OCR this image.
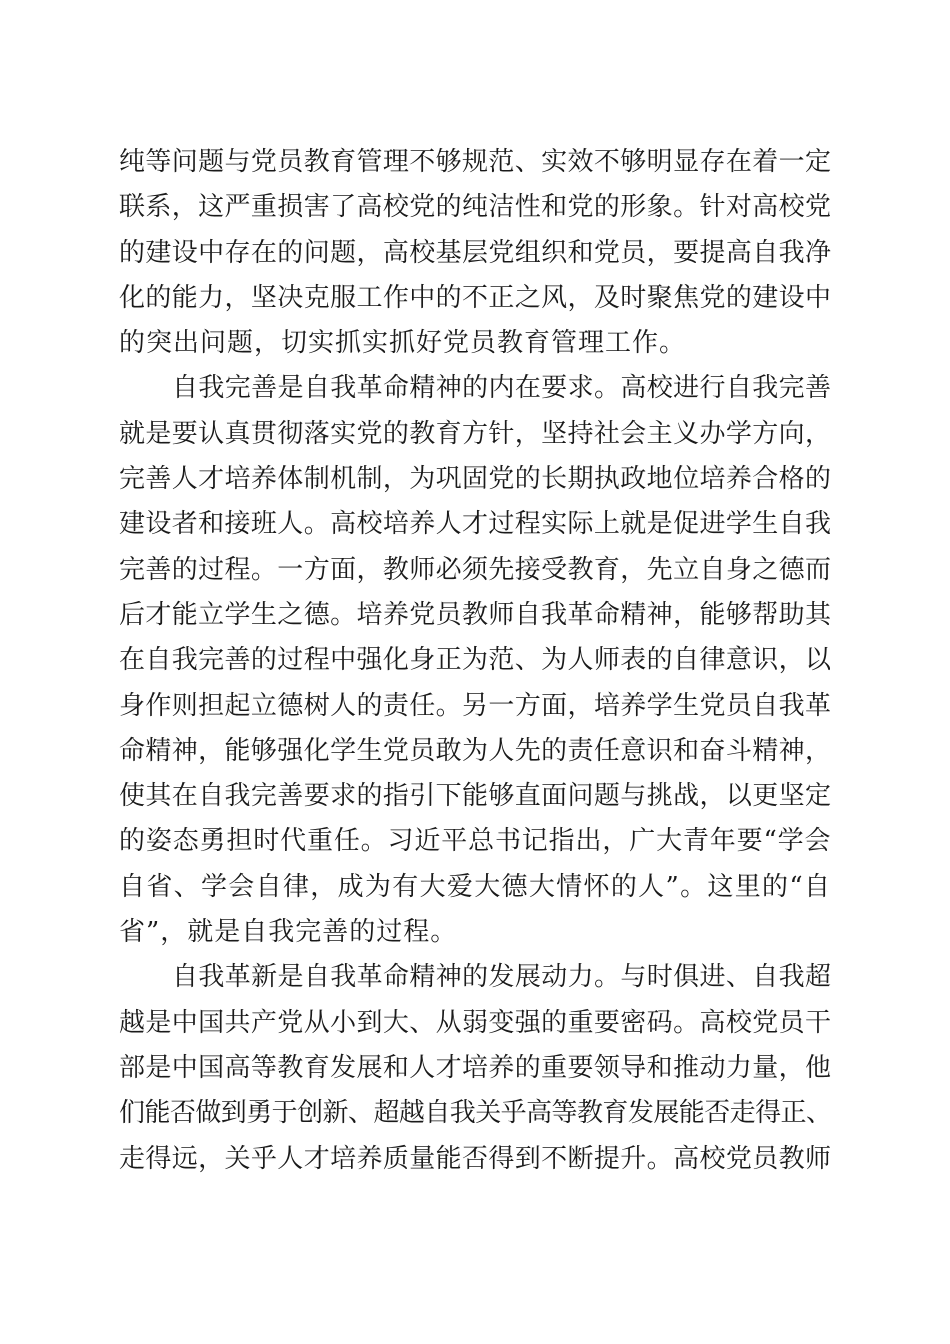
纯等问题与党员教育管理不够规范、实效不够明显存在着一定
联系，这严重损害了高校党的纯洁性和党的形象。针对高校党
的建设中存在的问题，高校基层党组织和党员，要提高自我净
化的能力，坚决克服工作中的不正之风，及时聚焦党的建设中
的突出问题，切实抓实抓好党员教育管理工作。
自我完善是自我革命精神的内在要求。高校进行自我完善
就是要认真贯彻落实党的教育方针，坚持社会主义办学方向，
完善人才培养体制机制，为巩固党的长期执政地位培养合格的
建设者和接班人。高校培养人才过程实际上就是促进学生自我
完善的过程。一方面，教师必须先接受教育，先立自身之德而
后才能立学生之德。培养党员教师自我革命精神，能够帮助其
在自我完善的过程中强化身正为范、为人师表的自律意识，以
身作则担起立德树人的责任。另一方面，培养学生党员自我革
命精神，能够强化学生党员敢为人先的责任意识和奋斗精神，
使其在自我完善要求的指引下能够直面问题与挑战，以更坚定
的姿态勇担时代重任。习近平总书记指出，广大青年要“学会
自省、学会自律，成为有大爱大德大情怀的人”。这里的“自
省”，就是自我完善的过程。
自我革新是自我革命精神的发展动力。与时俱进、自我超
越是中国共产党从小到大、从弱变强的重要密码。高校党员干
部是中国高等教育发展和人才培养的重要领导和推动力量，他
们能否做到勇于创新、超越自我关乎高等教育发展能否走得正、
走得远，关乎人才培养质量能否得到不断提升。高校党员教师
